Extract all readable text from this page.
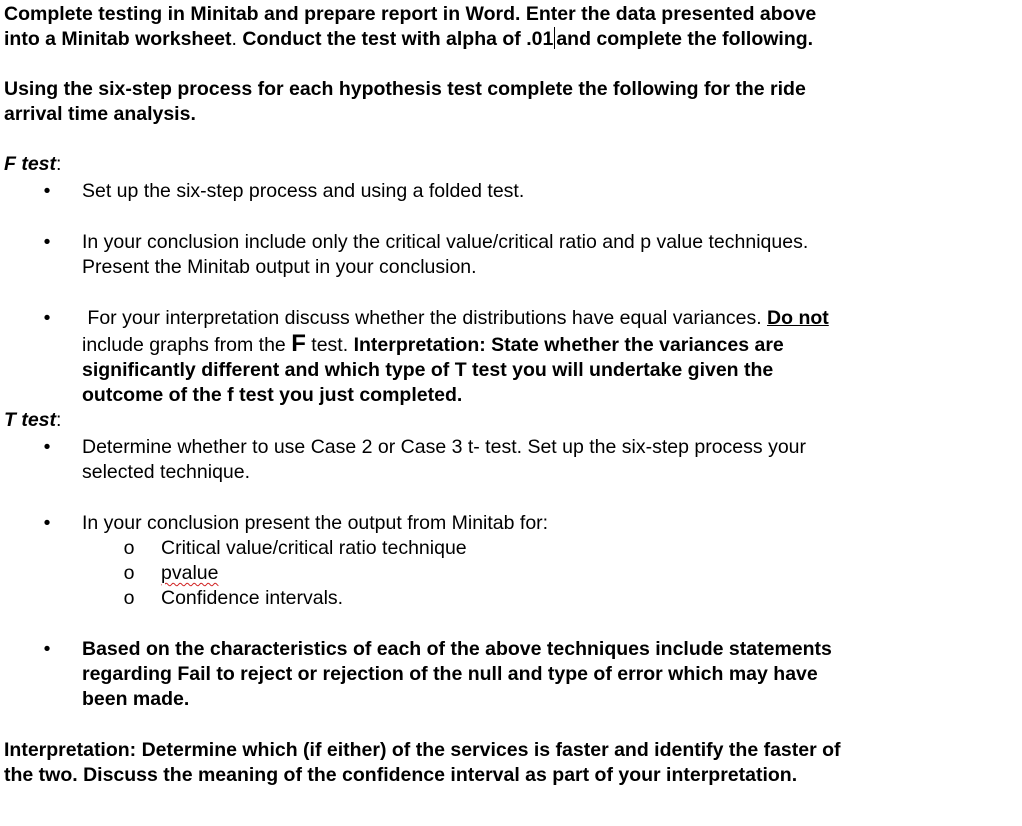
Complete testing in Minitab and prepare report in Word. Enter the data presented above
into a Minitab worksheet. Conduct the test with alpha of .01 and complete the following.

Using the six-step process for each hypothesis test complete the following for the ride
arrival time analysis.

F test:

• Set up the six-step process and using a folded test.
• In your conclusion include only the critical value/critical ratio and p value techniques.
Present the Minitab output in your conclusion.
• For your interpretation discuss whether the distributions have equal variances. Do not
include graphs from the F test. Interpretation: State whether the variances are
significantly different and which type of T test you will undertake given the
outcome of the f test you just completed.

T test:

• Determine whether to use Case 2 or Case 3 t- test. Set up the six-step process your
selected technique.
• In your conclusion present the output from Minitab for:
o Critical value/critical ratio technique
o pvalue
o Confidence intervals.
• Based on the characteristics of each of the above techniques include statements
regarding Fail to reject or rejection of the null and type of error which may have
been made.

Interpretation: Determine which (if either) of the services is faster and identify the faster of
the two. Discuss the meaning of the confidence interval as part of your interpretation.
